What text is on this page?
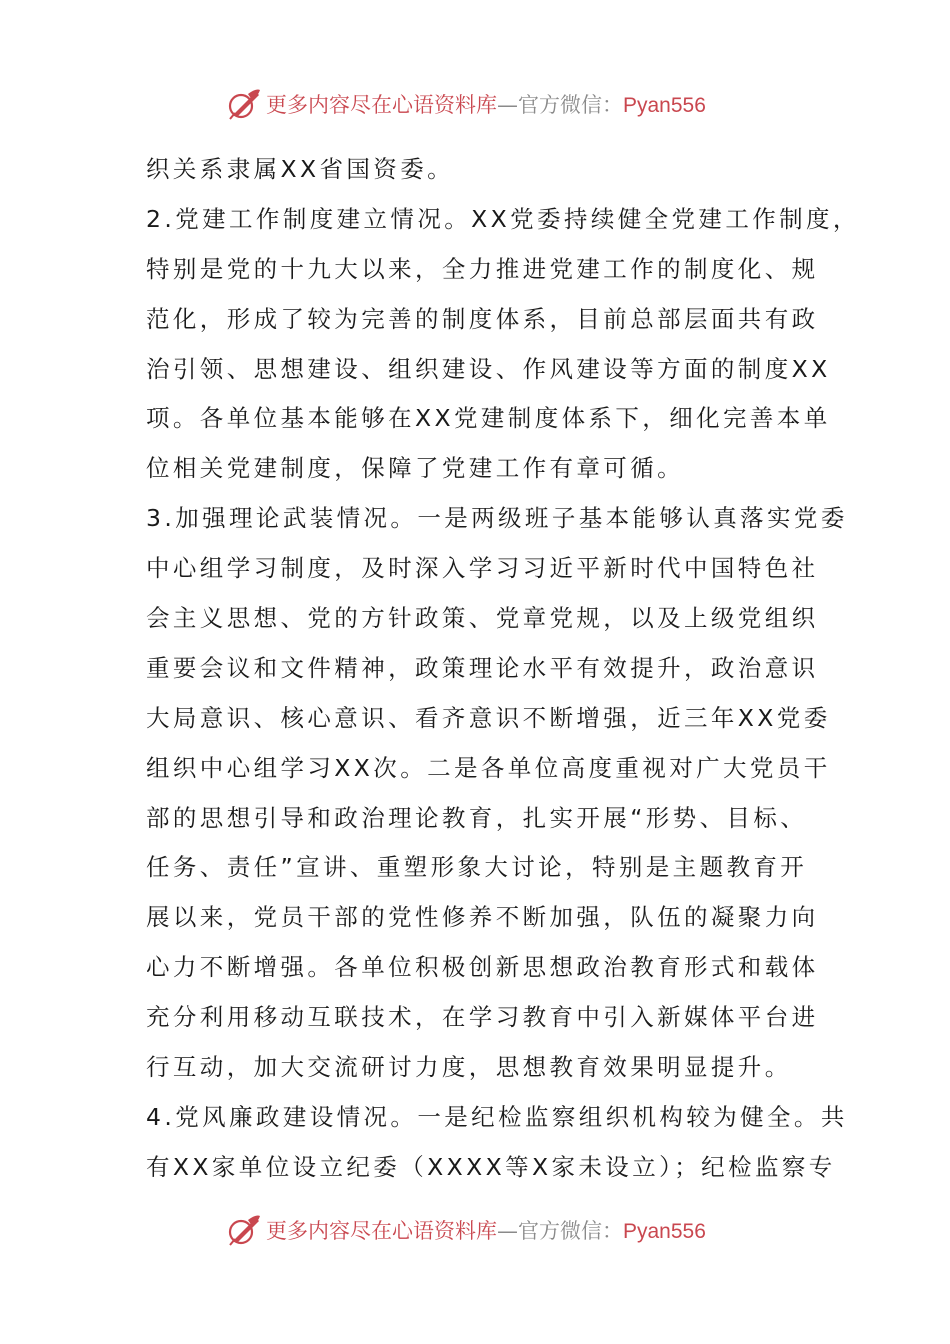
更多内容尽在心语资料库—官方微信：Pyan556
织关系隶属XX省国资委。
2.党建工作制度建立情况。XX党委持续健全党建工作制度，
特别是党的十九大以来，全力推进党建工作的制度化、规
范化，形成了较为完善的制度体系，目前总部层面共有政
治引领、思想建设、组织建设、作风建设等方面的制度XX
项。各单位基本能够在XX党建制度体系下，细化完善本单
位相关党建制度，保障了党建工作有章可循。
3.加强理论武装情况。一是两级班子基本能够认真落实党委
中心组学习制度，及时深入学习习近平新时代中国特色社
会主义思想、党的方针政策、党章党规，以及上级党组织
重要会议和文件精神，政策理论水平有效提升，政治意识
大局意识、核心意识、看齐意识不断增强，近三年XX党委
组织中心组学习XX次。二是各单位高度重视对广大党员干
部的思想引导和政治理论教育，扎实开展“形势、目标、
任务、责任”宣讲、重塑形象大讨论，特别是主题教育开
展以来，党员干部的党性修养不断加强，队伍的凝聚力向
心力不断增强。各单位积极创新思想政治教育形式和载体
充分利用移动互联技术，在学习教育中引入新媒体平台进
行互动，加大交流研讨力度，思想教育效果明显提升。
4.党风廉政建设情况。一是纪检监察组织机构较为健全。共
有XX家单位设立纪委（XXXX等X家未设立）；纪检监察专
更多内容尽在心语资料库—官方微信：Pyan556
